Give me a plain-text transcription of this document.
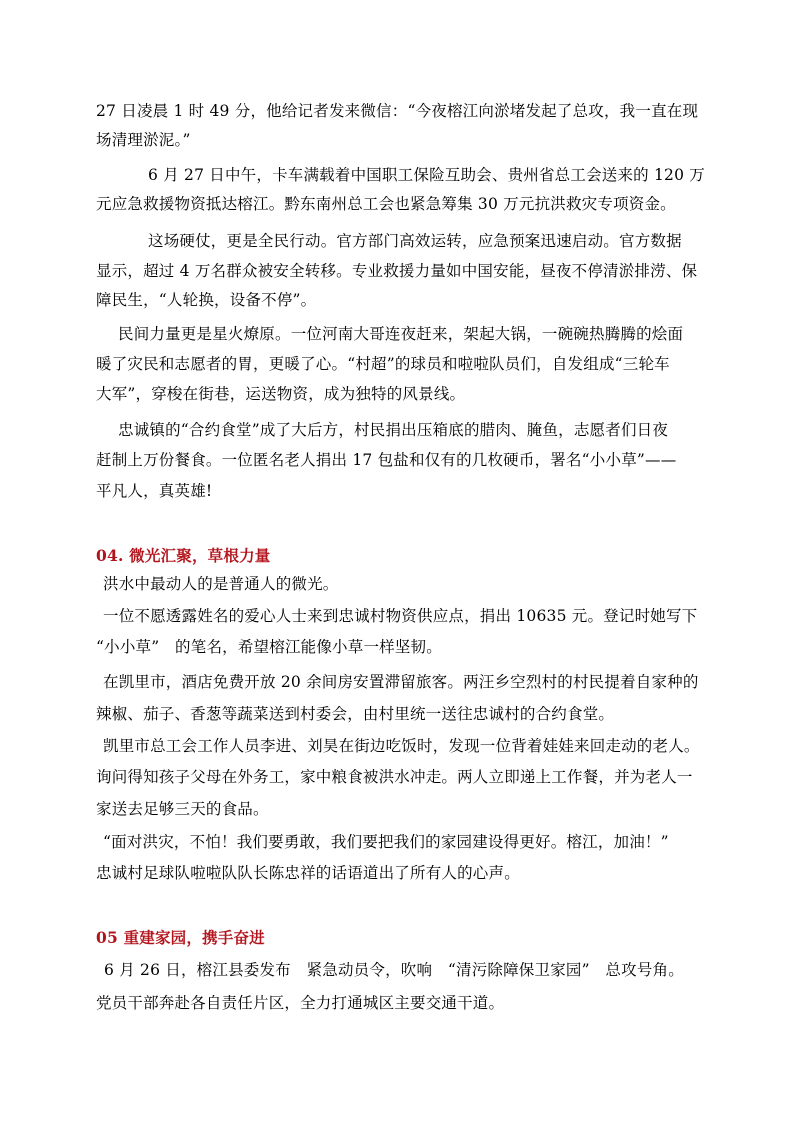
27 日凌晨 1 时 49 分，他给记者发来微信：“今夜榕江向淤堵发起了总攻，我一直在现
场清理淤泥。”
6 月 27 日中午，卡车满载着中国职工保险互助会、贵州省总工会送来的 120 万
元应急救援物资抵达榕江。黔东南州总工会也紧急筹集 30 万元抗洪救灾专项资金。
这场硬仗，更是全民行动。官方部门高效运转，应急预案迅速启动。官方数据
显示，超过 4 万名群众被安全转移。专业救援力量如中国安能，昼夜不停清淤排涝、保
障民生，“人轮换，设备不停”。
民间力量更是星火燎原。一位河南大哥连夜赶来，架起大锅，一碗碗热腾腾的烩面
暖了灾民和志愿者的胃，更暖了心。“村超”的球员和啦啦队员们，自发组成“三轮车
大军”，穿梭在街巷，运送物资，成为独特的风景线。
忠诚镇的“合约食堂”成了大后方，村民捐出压箱底的腊肉、腌鱼，志愿者们日夜
赶制上万份餐食。一位匿名老人捐出 17 包盐和仅有的几枚硬币，署名“小小草”——
平凡人，真英雄!
04. 微光汇聚，草根力量
洪水中最动人的是普通人的微光。
一位不愿透露姓名的爱心人士来到忠诚村物资供应点，捐出 10635 元。登记时她写下
“小小草”　的笔名，希望榕江能像小草一样坚韧。
在凯里市，酒店免费开放 20 余间房安置滞留旅客。两汪乡空烈村的村民提着自家种的
辣椒、茄子、香葱等蔬菜送到村委会，由村里统一送往忠诚村的合约食堂。
凯里市总工会工作人员李进、刘昊在街边吃饭时，发现一位背着娃娃来回走动的老人。
询问得知孩子父母在外务工，家中粮食被洪水冲走。两人立即递上工作餐，并为老人一
家送去足够三天的食品。
“面对洪灾，不怕！我们要勇敢，我们要把我们的家园建设得更好。榕江，加油！”
忠诚村足球队啦啦队队长陈忠祥的话语道出了所有人的心声。
05 重建家园，携手奋进
6 月 26 日，榕江县委发布　紧急动员令，吹响　“清污除障保卫家园”　总攻号角。
党员干部奔赴各自责任片区，全力打通城区主要交通干道。
